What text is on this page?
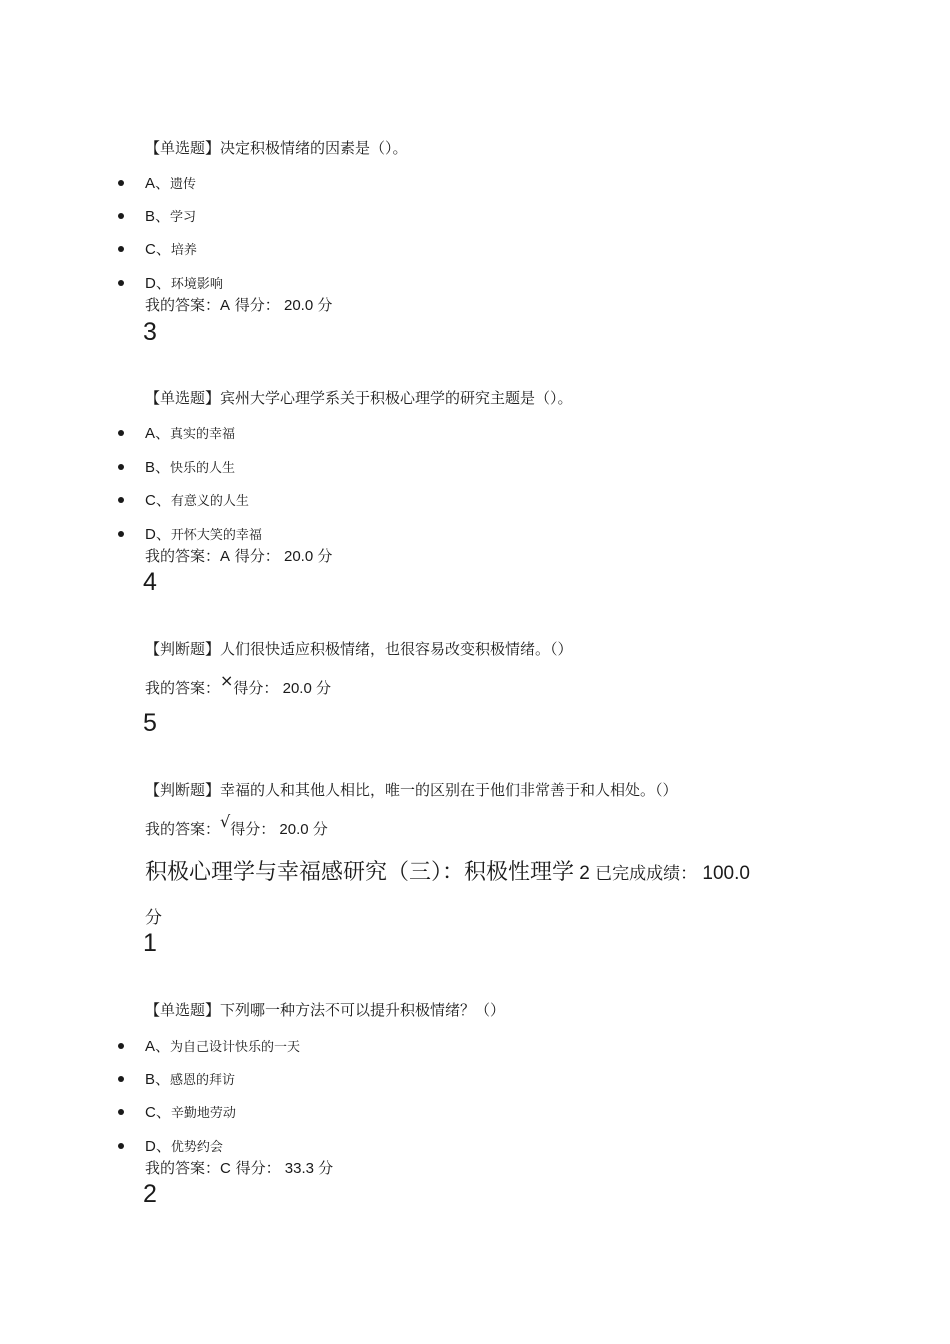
【单选题】决定积极情绪的因素是（）。
A、遗传
B、学习
C、培养
D、环境影响
我的答案：A 得分： 20.0 分
3
【单选题】宾州大学心理学系关于积极心理学的研究主题是（）。
A、真实的幸福
B、快乐的人生
C、有意义的人生
D、开怀大笑的幸福
我的答案：A 得分： 20.0 分
4
【判断题】人们很快适应积极情绪，也很容易改变积极情绪。（）
我的答案：×得分： 20.0 分
5
【判断题】幸福的人和其他人相比，唯一的区别在于他们非常善于和人相处。（）
我的答案：√得分： 20.0 分
积极心理学与幸福感研究（三）：积极性理学 2 已完成成绩： 100.0
分
1
【单选题】下列哪一种方法不可以提升积极情绪？（）
A、为自己设计快乐的一天
B、感恩的拜访
C、辛勤地劳动
D、优势约会
我的答案：C 得分： 33.3 分
2
